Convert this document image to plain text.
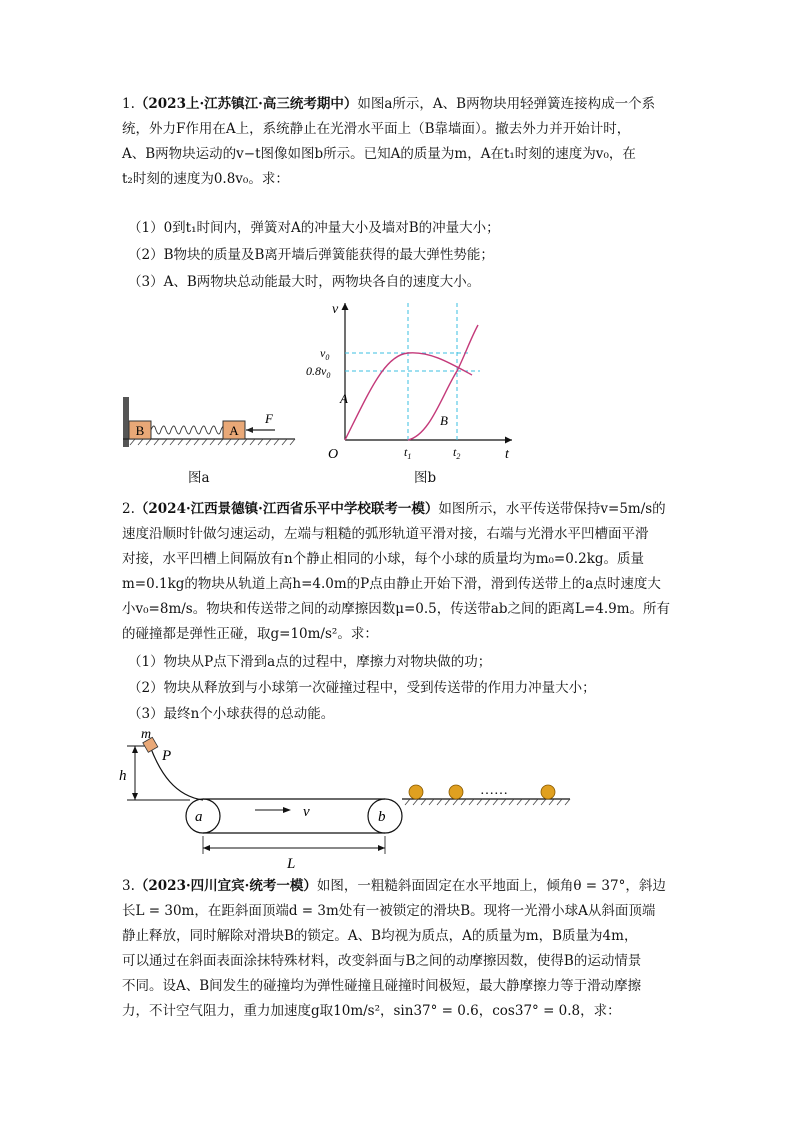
1.（2023上·江苏镇江·高三统考期中）如图a所示，A、B两物块用轻弹簧连接构成一个系

统，外力F作用在A上，系统静止在光滑水平面上（B靠墙面）。撤去外力并开始计时，

A、B两物块运动的v−t图像如图b所示。已知A的质量为m，A在t₁时刻的速度为v₀，在

t₂时刻的速度为0.8v₀。求：

（1）0到t₁时间内，弹簧对A的冲量大小及墙对B的冲量大小；
（2）B物块的质量及B离开墙后弹簧能获得的最大弹性势能；
（3）A、B两物块总动能最大时，两物块各自的速度大小。
B	A
F
图a
v
t
O
$v_0$
$0.8v_0$
A
B
$t_1$	$t_2$
图b

2.（2024·江西景德镇·江西省乐平中学校联考一模）如图所示，水平传送带保持v=5m/s的

速度沿顺时针做匀速运动，左端与粗糙的弧形轨道平滑对接，右端与光滑水平凹槽面平滑

对接，水平凹槽上间隔放有n个静止相同的小球，每个小球的质量均为m₀=0.2kg。质量

m=0.1kg的物块从轨道上高h=4.0m的P点由静止开始下滑，滑到传送带上的a点时速度大

小v₀=8m/s。物块和传送带之间的动摩擦因数μ=0.5，传送带ab之间的距离L=4.9m。所有

的碰撞都是弹性正碰，取g=10m/s²。求：

（1）物块从P点下滑到a点的过程中，摩擦力对物块做的功；
（2）物块从释放到与小球第一次碰撞过程中，受到传送带的作用力冲量大小；
（3）最终n个小球获得的总动能。
h
m
P
a	b
v
L
……

3.（2023·四川宜宾·统考一模）如图，一粗糙斜面固定在水平地面上，倾角θ = 37°，斜边

长L = 30m，在距斜面顶端d = 3m处有一被锁定的滑块B。现将一光滑小球A从斜面顶端

静止释放，同时解除对滑块B的锁定。A、B均视为质点，A的质量为m，B质量为4m，

可以通过在斜面表面涂抹特殊材料，改变斜面与B之间的动摩擦因数，使得B的运动情景

不同。设A、B间发生的碰撞均为弹性碰撞且碰撞时间极短，最大静摩擦力等于滑动摩擦

力，不计空气阻力，重力加速度g取10m/s²，sin37° = 0.6，cos37° = 0.8，求：
